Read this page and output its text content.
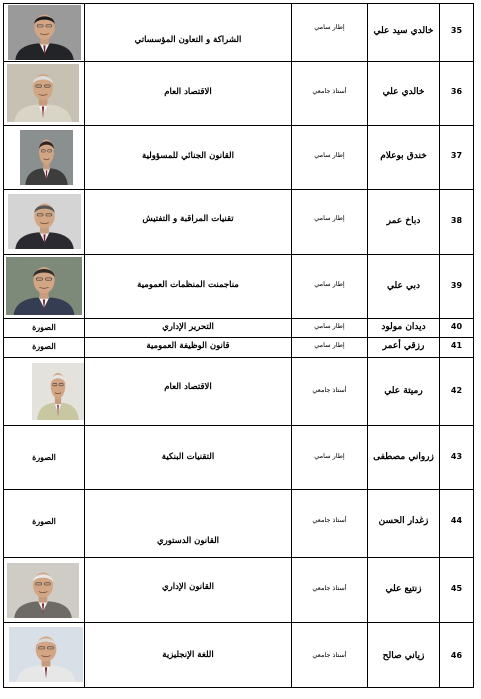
الشراكة و التعاون المؤسساتي	إطار سامي	خالدي سيد علي	35

الاقتصاد العام	أستاذ جامعي	خالدي علي	36

القانون الجنائي للمسؤولية	إطار سامي	خندق بوعلام	37

تقنيات المراقبة و التفتيش	إطار سامي	دباخ عمر	38

مناجمنت المنظمات العمومية	إطار سامي	دبي علي	39

الصورة	التحرير الإداري	إطار سامي	ديدان مولود	40

الصورة	قانون الوظيفة العمومية	إطار سامي	رزقي أعمر	41

الاقتصاد العام	أستاذ جامعي	رميتة علي	42

الصورة	التقنيات البنكية	إطار سامي	زرواني مصطفى	43

الصورة	القانون الدستوري	أستاذ جامعي	زغدار الحسن	44

القانون الإداري	أستاذ جامعي	زنتيع علي	45

اللغة الإنجليزية	أستاذ جامعي	زياني صالح	46
